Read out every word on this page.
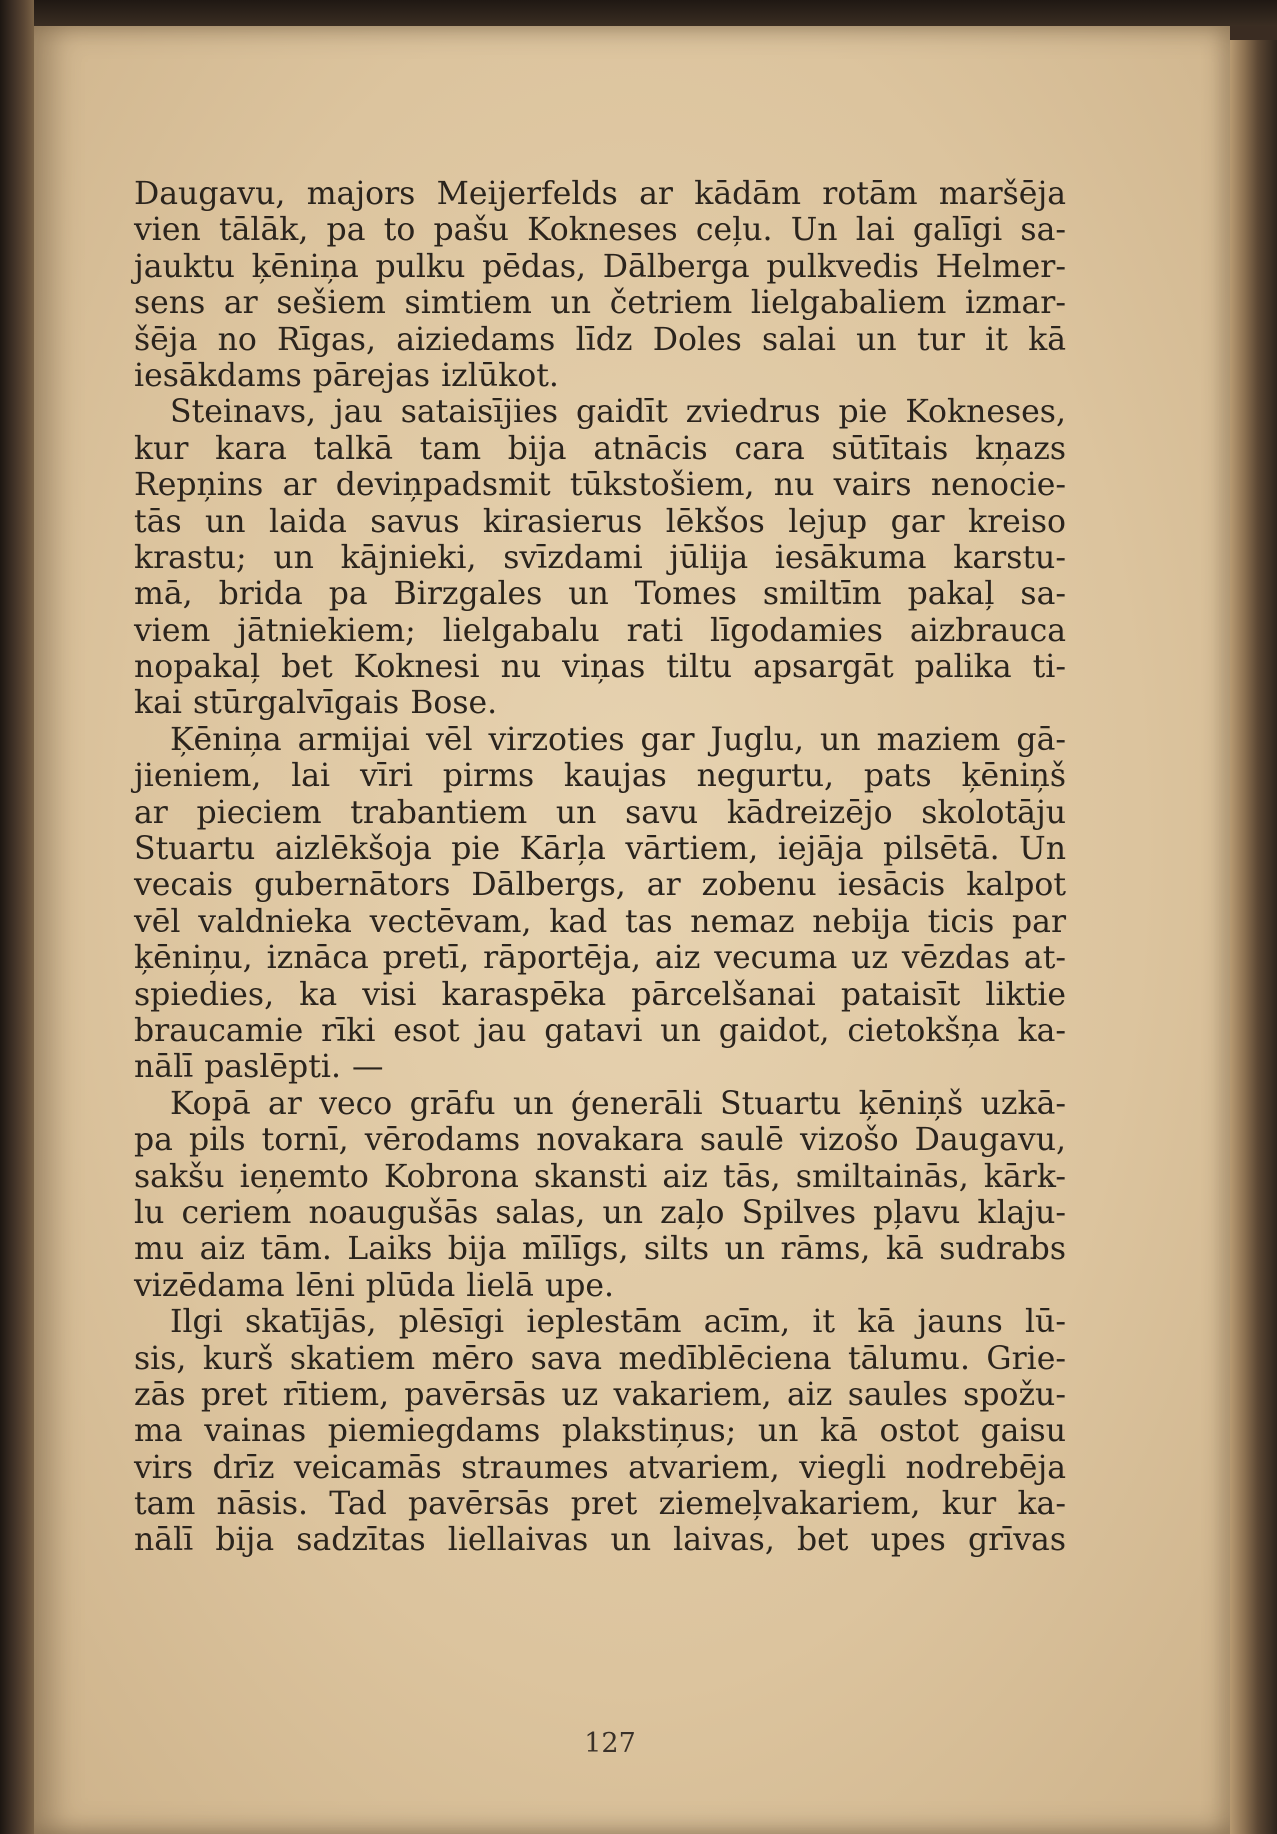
Daugavu, majors Meijerfelds ar kādām rotām maršēja
vien tālāk, pa to pašu Kokneses ceļu. Un lai galīgi sa-
jauktu ķēniņa pulku pēdas, Dālberga pulkvedis Helmer-
sens ar sešiem simtiem un četriem lielgabaliem izmar-
šēja no Rīgas, aiziedams līdz Doles salai un tur it kā
iesākdams pārejas izlūkot.
Steinavs, jau sataisījies gaidīt zviedrus pie Kokneses,
kur kara talkā tam bija atnācis cara sūtītais kņazs
Repņins ar deviņpadsmit tūkstošiem, nu vairs nenocie-
tās un laida savus kirasierus lēkšos lejup gar kreiso
krastu; un kājnieki, svīzdami jūlija iesākuma karstu-
mā, brida pa Birzgales un Tomes smiltīm pakaļ sa-
viem jātniekiem; lielgabalu rati līgodamies aizbrauca
nopakaļ bet Koknesi nu viņas tiltu apsargāt palika ti-
kai stūrgalvīgais Bose.
Ķēniņa armijai vēl virzoties gar Juglu, un maziem gā-
jieniem, lai vīri pirms kaujas negurtu, pats ķēniņš
ar pieciem trabantiem un savu kādreizējo skolotāju
Stuartu aizlēkšoja pie Kārļa vārtiem, iejāja pilsētā. Un
vecais gubernātors Dālbergs, ar zobenu iesācis kalpot
vēl valdnieka vectēvam, kad tas nemaz nebija ticis par
ķēniņu, iznāca pretī, rāportēja, aiz vecuma uz vēzdas at-
spiedies, ka visi karaspēka pārcelšanai pataisīt liktie
braucamie rīki esot jau gatavi un gaidot, cietokšņa ka-
nālī paslēpti. —
Kopā ar veco grāfu un ģenerāli Stuartu ķēniņš uzkā-
pa pils tornī, vērodams novakara saulē vizošo Daugavu,
sakšu ieņemto Kobrona skansti aiz tās, smiltainās, kārk-
lu ceriem noaugušās salas, un zaļo Spilves pļavu klaju-
mu aiz tām. Laiks bija mīlīgs, silts un rāms, kā sudrabs
vizēdama lēni plūda lielā upe.
Ilgi skatījās, plēsīgi ieplestām acīm, it kā jauns lū-
sis, kurš skatiem mēro sava medīblēciena tālumu. Grie-
zās pret rītiem, pavērsās uz vakariem, aiz saules spožu-
ma vainas piemiegdams plakstiņus; un kā ostot gaisu
virs drīz veicamās straumes atvariem, viegli nodrebēja
tam nāsis. Tad pavērsās pret ziemeļvakariem, kur ka-
nālī bija sadzītas liellaivas un laivas, bet upes grīvas
127
